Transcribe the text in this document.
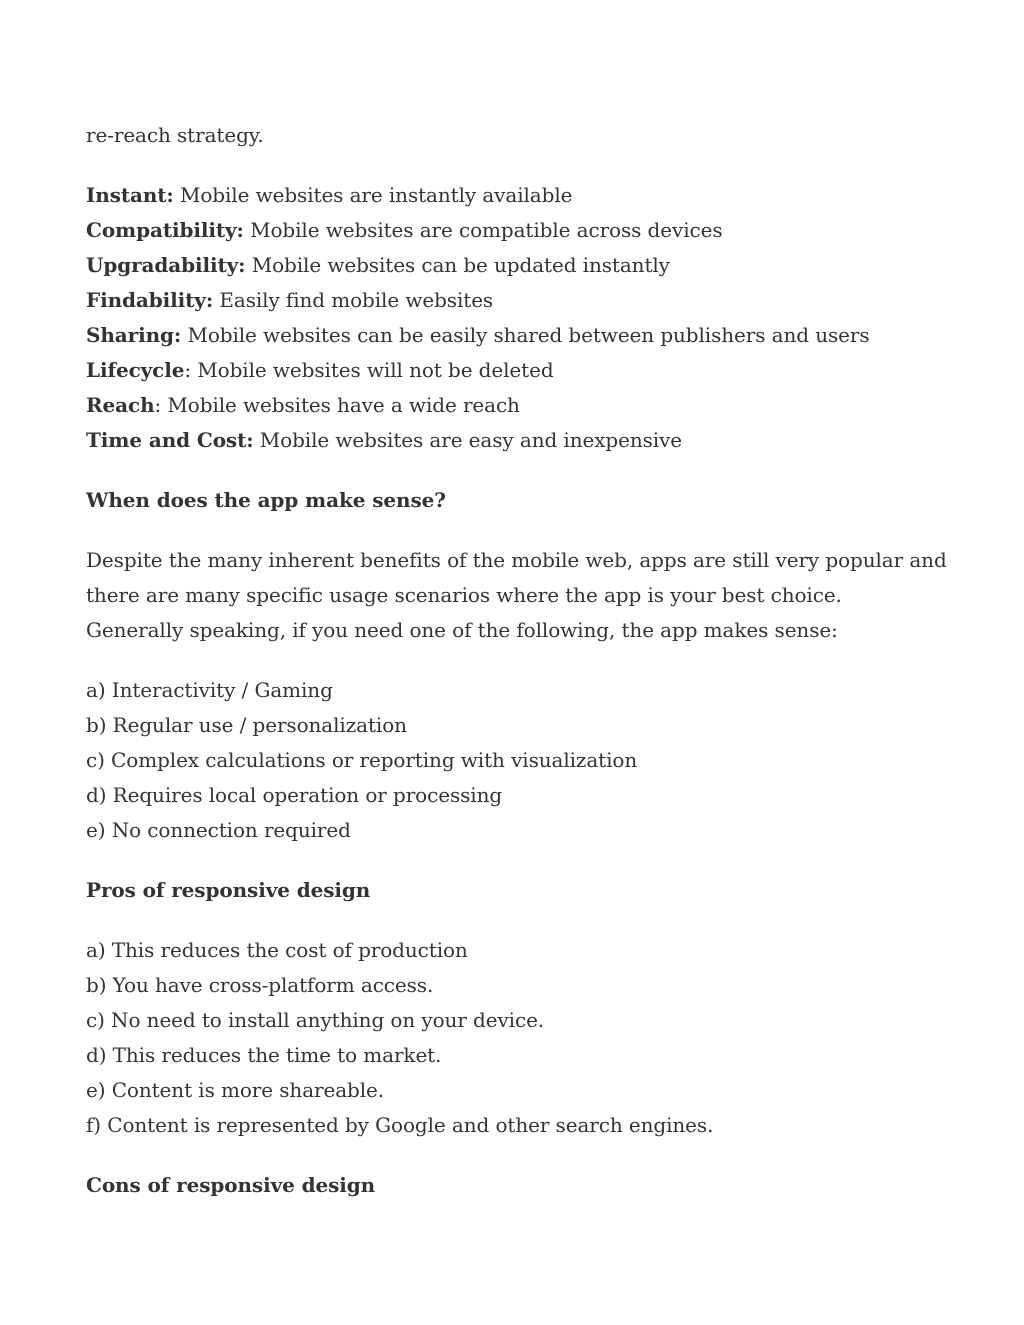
re-reach strategy.
Instant: Mobile websites are instantly available
Compatibility: Mobile websites are compatible across devices
Upgradability: Mobile websites can be updated instantly
Findability: Easily find mobile websites
Sharing: Mobile websites can be easily shared between publishers and users
Lifecycle: Mobile websites will not be deleted
Reach: Mobile websites have a wide reach
Time and Cost: Mobile websites are easy and inexpensive
When does the app make sense?
Despite the many inherent benefits of the mobile web, apps are still very popular and
there are many specific usage scenarios where the app is your best choice.
Generally speaking, if you need one of the following, the app makes sense:
a) Interactivity / Gaming
b) Regular use / personalization
c) Complex calculations or reporting with visualization
d) Requires local operation or processing
e) No connection required
Pros of responsive design
a) This reduces the cost of production
b) You have cross-platform access.
c) No need to install anything on your device.
d) This reduces the time to market.
e) Content is more shareable.
f) Content is represented by Google and other search engines.
Cons of responsive design
